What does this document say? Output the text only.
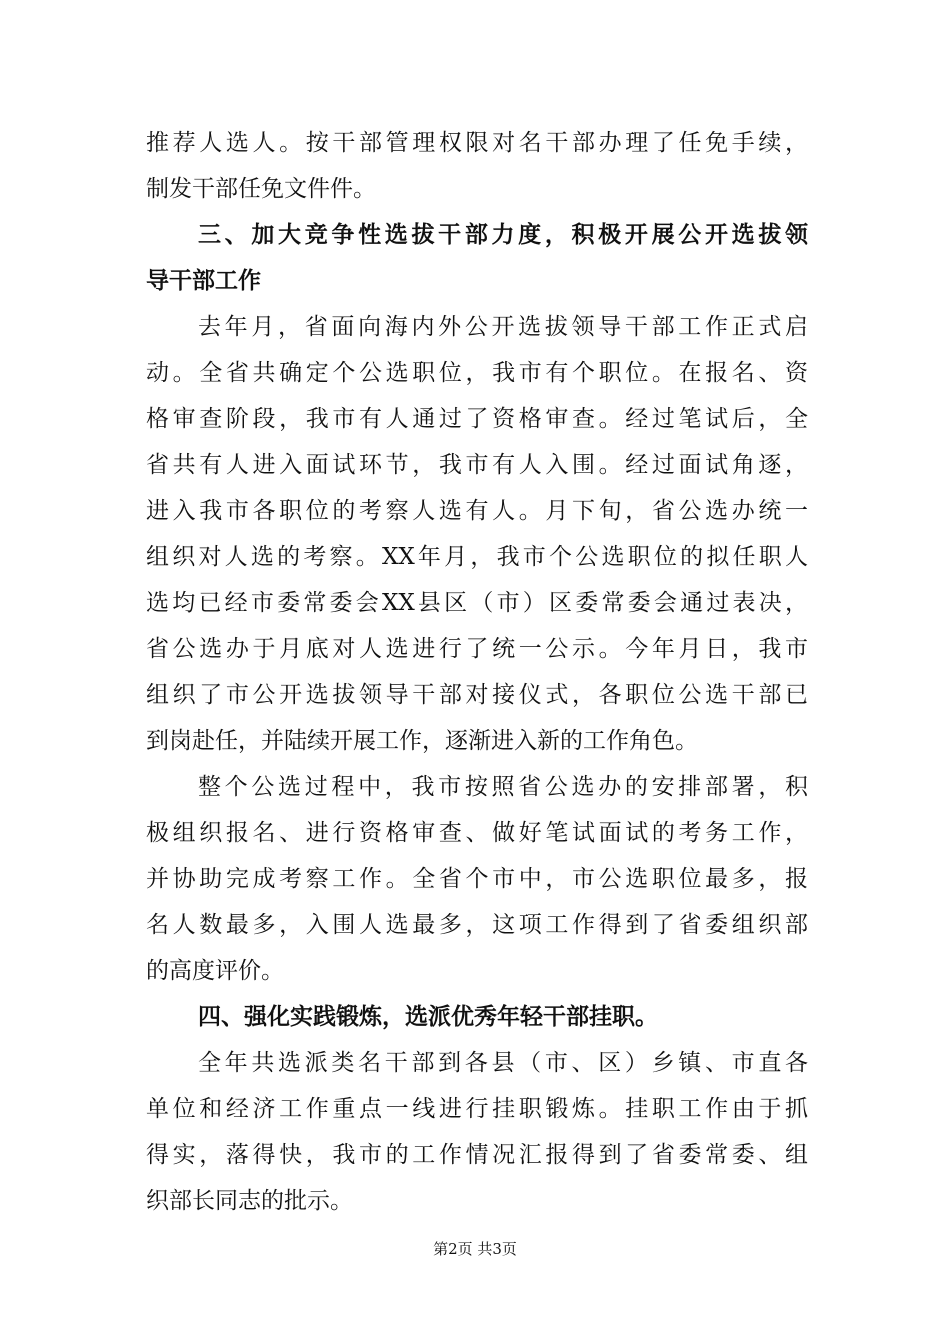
推荐人选人。按干部管理权限对名干部办理了任免手续，
制发干部任免文件件。
三、加大竞争性选拔干部力度，积极开展公开选拔领
导干部工作
去年月，省面向海内外公开选拔领导干部工作正式启
动。全省共确定个公选职位，我市有个职位。在报名、资
格审查阶段，我市有人通过了资格审查。经过笔试后，全
省共有人进入面试环节，我市有人入围。经过面试角逐，
进入我市各职位的考察人选有人。月下旬，省公选办统一
组织对人选的考察。XX年月，我市个公选职位的拟任职人
选均已经市委常委会XX县区（市）区委常委会通过表决，
省公选办于月底对人选进行了统一公示。今年月日，我市
组织了市公开选拔领导干部对接仪式，各职位公选干部已
到岗赴任，并陆续开展工作，逐渐进入新的工作角色。
整个公选过程中，我市按照省公选办的安排部署，积
极组织报名、进行资格审查、做好笔试面试的考务工作，
并协助完成考察工作。全省个市中，市公选职位最多，报
名人数最多，入围人选最多，这项工作得到了省委组织部
的高度评价。
四、强化实践锻炼，选派优秀年轻干部挂职。
全年共选派类名干部到各县（市、区）乡镇、市直各
单位和经济工作重点一线进行挂职锻炼。挂职工作由于抓
得实，落得快，我市的工作情况汇报得到了省委常委、组
织部长同志的批示。
第2页 共3页
